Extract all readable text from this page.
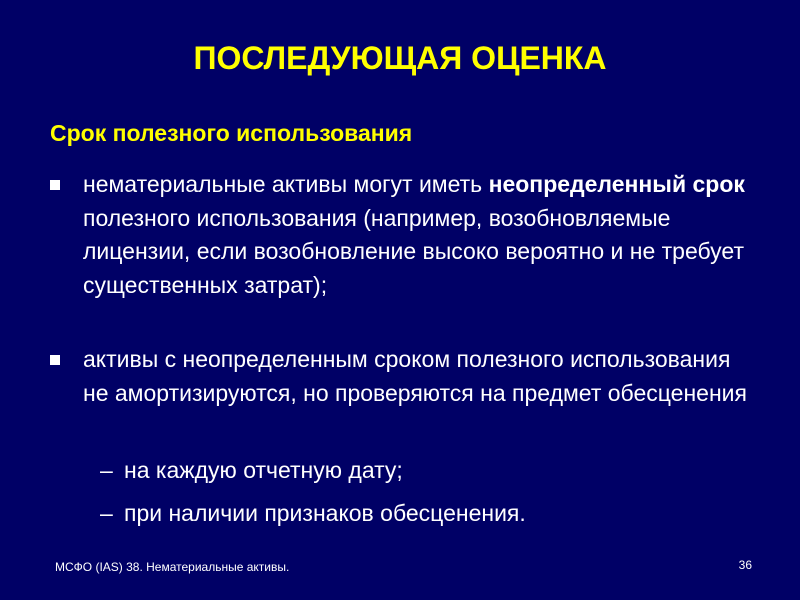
ПОСЛЕДУЮЩАЯ ОЦЕНКА
Срок полезного использования
нематериальные активы могут иметь неопределенный срок полезного использования (например, возобновляемые лицензии, если возобновление высоко вероятно и не требует существенных затрат);
активы с неопределенным сроком полезного использования не амортизируются, но проверяются на предмет обесценения
– на каждую отчетную дату;
– при наличии признаков обесценения.
МСФО (IAS) 38. Нематериальные активы.	36
